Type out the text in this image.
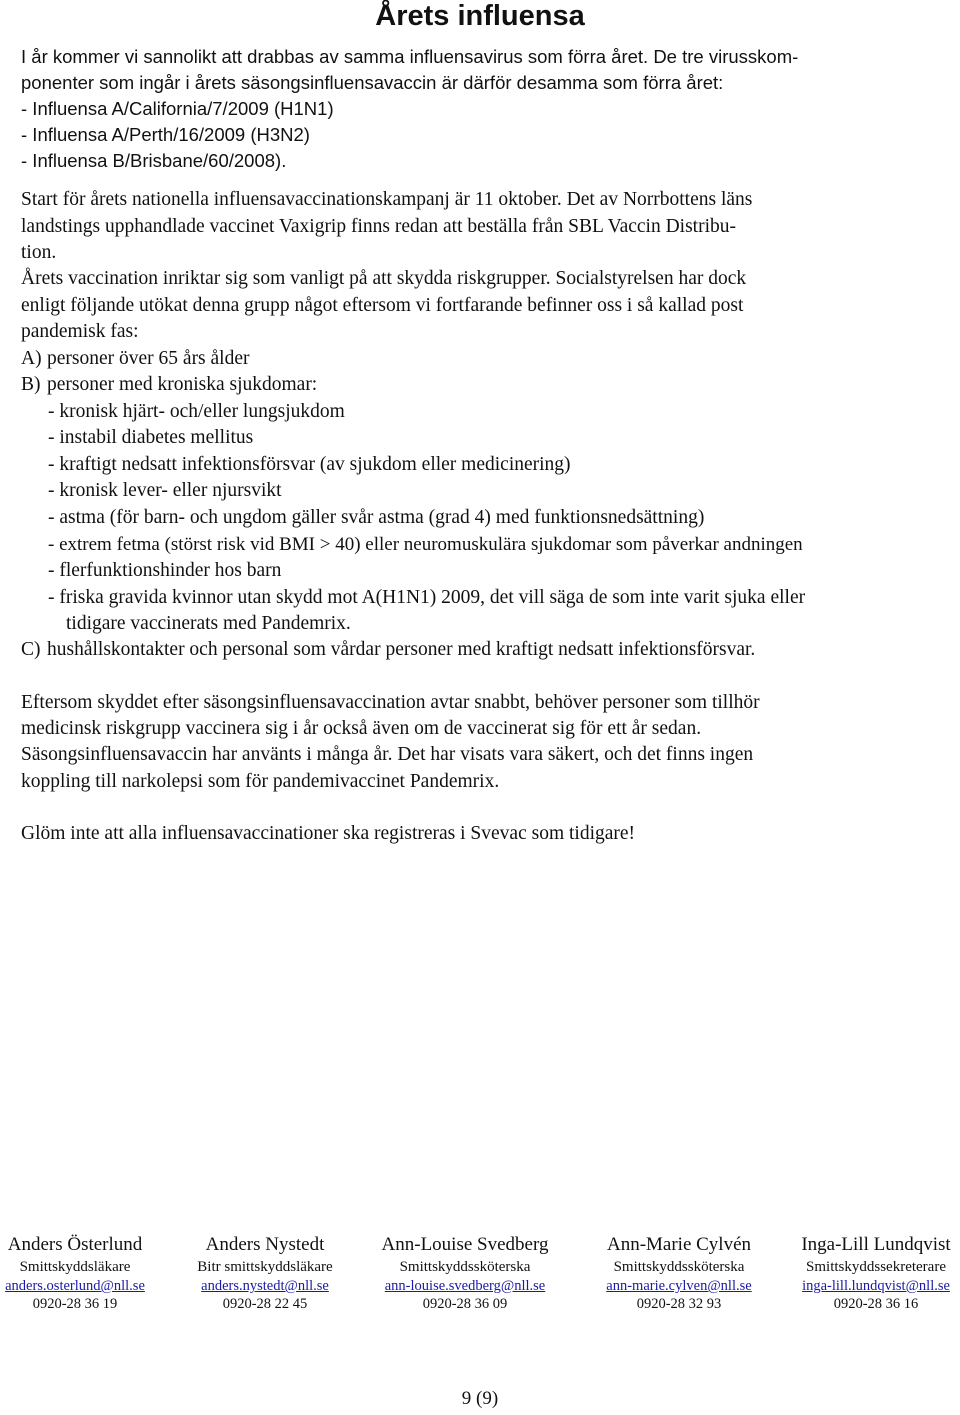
Årets influensa
I år kommer vi sannolikt att drabbas av samma influensavirus som förra året. De tre virusskom-
ponenter som ingår i årets säsongsinfluensavaccin är därför desamma som förra året:
- Influensa A/California/7/2009 (H1N1)
- Influensa A/Perth/16/2009 (H3N2)
- Influensa B/Brisbane/60/2008).
Start för årets nationella influensavaccinationskampanj är 11 oktober. Det av Norrbottens läns
landstings upphandlade vaccinet Vaxigrip finns redan att beställa från SBL Vaccin Distribu-
tion.
Årets vaccination inriktar sig som vanligt på att skydda riskgrupper. Socialstyrelsen har dock
enligt följande utökat denna grupp något eftersom vi fortfarande befinner oss i så kallad post
pandemisk fas:
A) personer över 65 års ålder
B) personer med kroniska sjukdomar:
- kronisk hjärt- och/eller lungsjukdom
- instabil diabetes mellitus
- kraftigt nedsatt infektionsförsvar (av sjukdom eller medicinering)
- kronisk lever- eller njursvikt
- astma (för barn- och ungdom gäller svår astma (grad 4) med funktionsnedsättning)
- extrem fetma (störst risk vid BMI > 40) eller neuromuskulära sjukdomar som påverkar andningen
- flerfunktionshinder hos barn
- friska gravida kvinnor utan skydd mot A(H1N1) 2009, det vill säga de som inte varit sjuka eller
tidigare vaccinerats med Pandemrix.
C) hushållskontakter och personal som vårdar personer med kraftigt nedsatt infektionsförsvar.
Eftersom skyddet efter säsongsinfluensavaccination avtar snabbt, behöver personer som tillhör
medicinsk riskgrupp vaccinera sig i år också även om de vaccinerat sig för ett år sedan.
Säsongsinfluensavaccin har använts i många år. Det har visats vara säkert, och det finns ingen
koppling till narkolepsi som för pandemivaccinet Pandemrix.
Glöm inte att alla influensavaccinationer ska registreras i Svevac som tidigare!
Anders Österlund
Smittskyddsläkare
anders.osterlund@nll.se
0920-28 36 19
Anders Nystedt
Bitr smittskyddsläkare
anders.nystedt@nll.se
0920-28 22 45
Ann-Louise Svedberg
Smittskyddssköterska
ann-louise.svedberg@nll.se
0920-28 36 09
Ann-Marie Cylvén
Smittskyddssköterska
ann-marie.cylven@nll.se
0920-28 32 93
Inga-Lill Lundqvist
Smittskyddssekreterare
inga-lill.lundqvist@nll.se
0920-28 36 16
9 (9)
